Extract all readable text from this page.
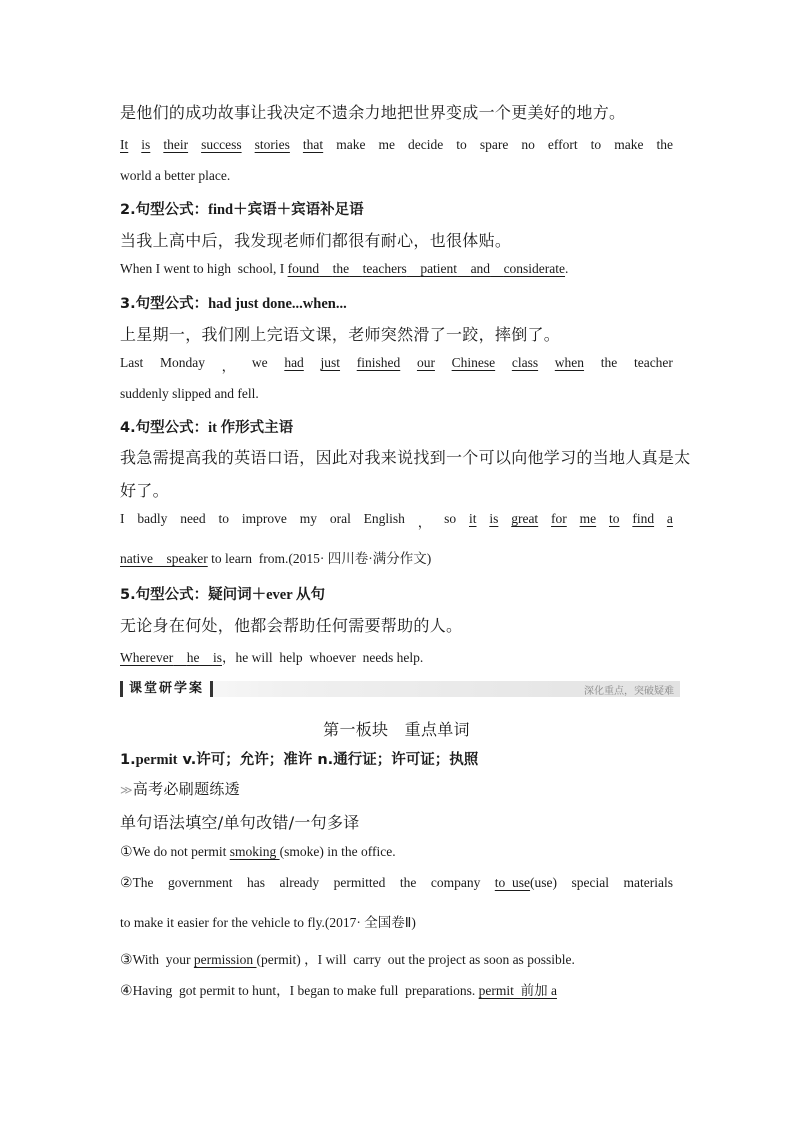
是他们的成功故事让我决定不遗余力地把世界变成一个更美好的地方。
It is their success stories that make me decide to spare no effort to make the
world a better place.
2.句型公式：find＋宾语＋宾语补足语
当我上高中后，我发现老师们都很有耐心，也很体贴。
When I went to high  school, I found the teachers patient and considerate.
3.句型公式：had just done...when...
上星期一，我们刚上完语文课，老师突然滑了一跤，摔倒了。
Last Monday ， we had just finished our Chinese class when the teacher
suddenly slipped and fell.
4.句型公式：it 作形式主语
我急需提高我的英语口语，因此对我来说找到一个可以向他学习的当地人真是太
好了。
I badly need to improve my oral English ， so it is great for me to find a
native speaker to learn  from.(2015· 四川卷·满分作文)
5.句型公式：疑问词＋ever 从句
无论身在何处，他都会帮助任何需要帮助的人。
Wherever he is，he will  help  whoever  needs help.
课堂研学案	深化重点，突破疑难
第一板块　重点单词
1.permit v.许可；允许；准许 n.通行证；许可证；执照
≫高考必刷题练透
单句语法填空/单句改错/一句多译
①We do not permit smoking (smoke) in the office.
②The government has already permitted the company to  use(use) special materials
to make it easier for the vehicle to fly.(2017· 全国卷Ⅱ)
③With  your permission (permit) ，I will  carry  out the project as soon as possible.
④Having  got permit to hunt，I began to make full  preparations. permit  前加 a
